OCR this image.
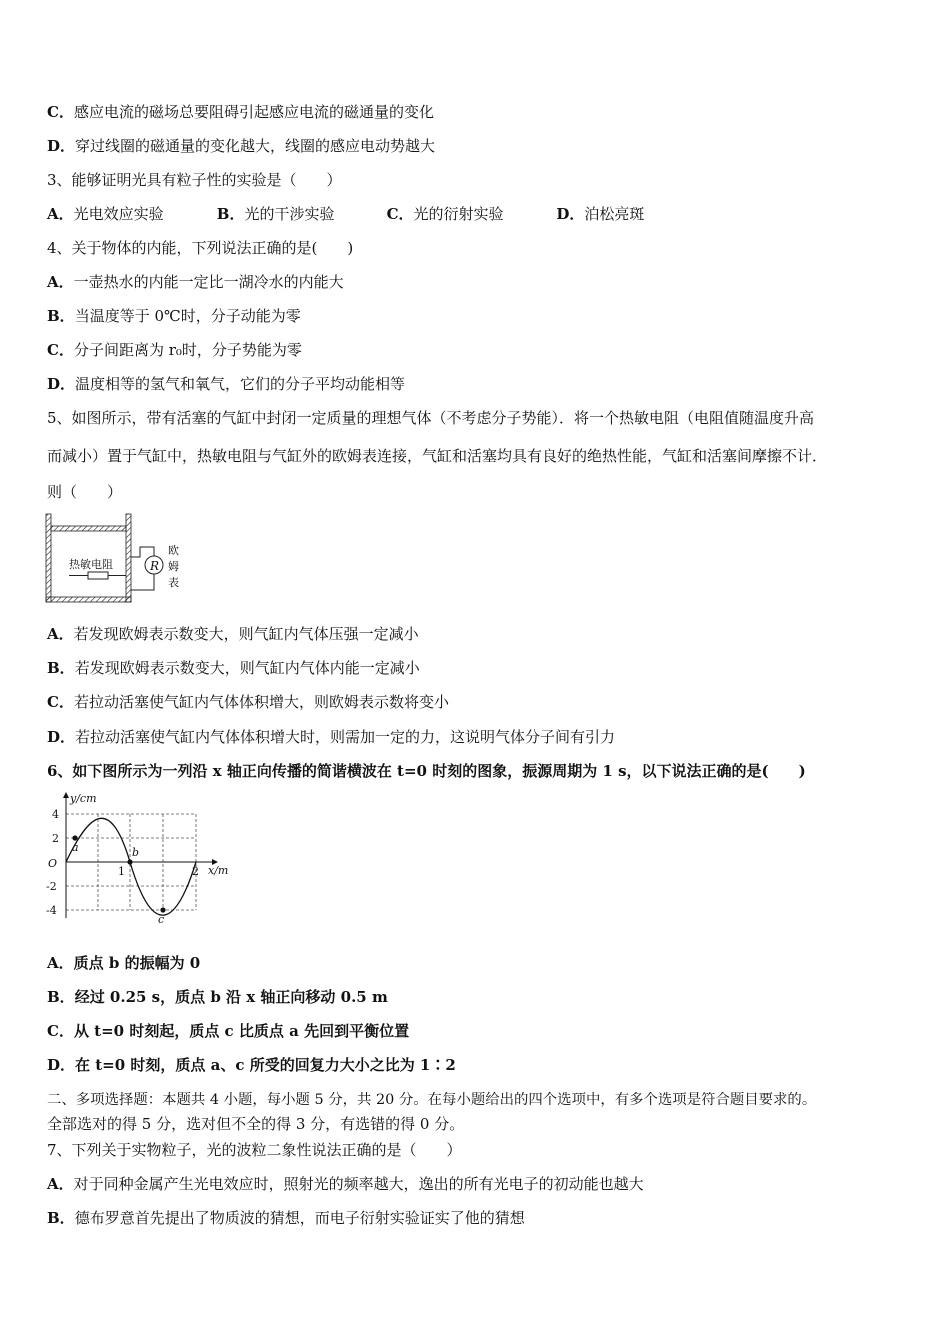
C．感应电流的磁场总要阻碍引起感应电流的磁通量的变化
D．穿过线圈的磁通量的变化越大，线圈的感应电动势越大
3、能够证明光具有粒子性的实验是（　　）
A．光电效应实验	B．光的干涉实验	C．光的衍射实验	D．泊松亮斑
4、关于物体的内能，下列说法正确的是(　　)
A．一壶热水的内能一定比一湖冷水的内能大
B．当温度等于 0℃时，分子动能为零
C．分子间距离为 r₀时，分子势能为零
D．温度相等的氢气和氧气，它们的分子平均动能相等
5、如图所示，带有活塞的气缸中封闭一定质量的理想气体（不考虑分子势能）．将一个热敏电阻（电阻值随温度升高
而减小）置于气缸中，热敏电阻与气缸外的欧姆表连接，气缸和活塞均具有良好的绝热性能，气缸和活塞间摩擦不计．
则（　　）
热敏电阻	R
欧
姆
表
A．若发现欧姆表示数变大，则气缸内气体压强一定减小
B．若发现欧姆表示数变大，则气缸内气体内能一定减小
C．若拉动活塞使气缸内气体体积增大，则欧姆表示数将变小
D．若拉动活塞使气缸内气体体积增大时，则需加一定的力，这说明气体分子间有引力
6、如下图所示为一列沿 x 轴正向传播的简谐横波在 t=0 时刻的图象，振源周期为 1 s，以下说法正确的是(　　)
y/cm
x/m
O
4
2
-2
-4
1	2
a	b
c
A．质点 b 的振幅为 0
B．经过 0.25 s，质点 b 沿 x 轴正向移动 0.5 m
C．从 t=0 时刻起，质点 c 比质点 a 先回到平衡位置
D．在 t=0 时刻，质点 a、c 所受的回复力大小之比为 1∶2
二、多项选择题：本题共 4 小题，每小题 5 分，共 20 分。在每小题给出的四个选项中，有多个选项是符合题目要求的。
全部选对的得 5 分，选对但不全的得 3 分，有选错的得 0 分。
7、下列关于实物粒子，光的波粒二象性说法正确的是（　　）
A．对于同种金属产生光电效应时，照射光的频率越大，逸出的所有光电子的初动能也越大
B．德布罗意首先提出了物质波的猜想，而电子衍射实验证实了他的猜想
